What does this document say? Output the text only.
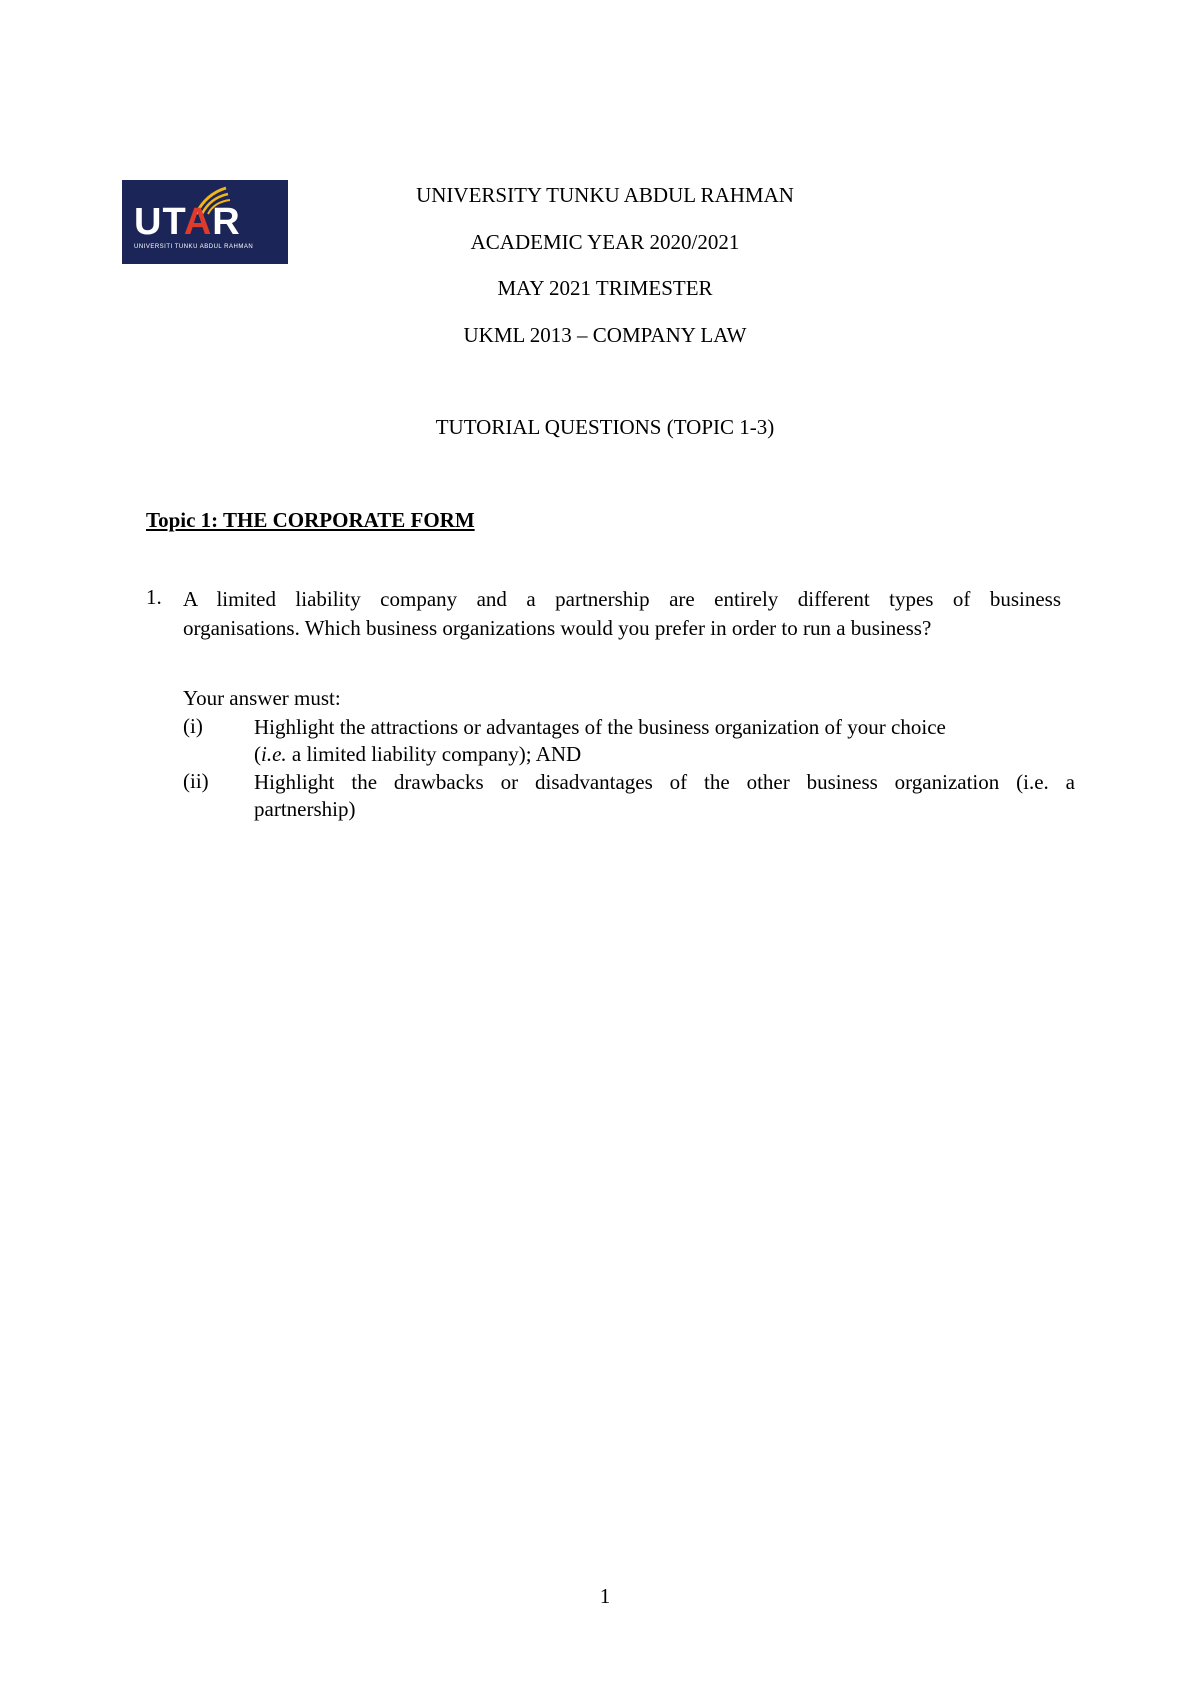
UTAR
UNIVERSITI TUNKU ABDUL RAHMAN
UNIVERSITY TUNKU ABDUL RAHMAN
ACADEMIC YEAR 2020/2021
MAY 2021 TRIMESTER
UKML 2013 – COMPANY LAW
TUTORIAL QUESTIONS (TOPIC 1-3)
Topic 1: THE CORPORATE FORM
1. A limited liability company and a partnership are entirely different types of business
organisations. Which business organizations would you prefer in order to run a business?
Your answer must:
(i) Highlight the attractions or advantages of the business organization of your choice
(i.e. a limited liability company); AND
(ii) Highlight the drawbacks or disadvantages of the other business organization (i.e. a
partnership)
1
